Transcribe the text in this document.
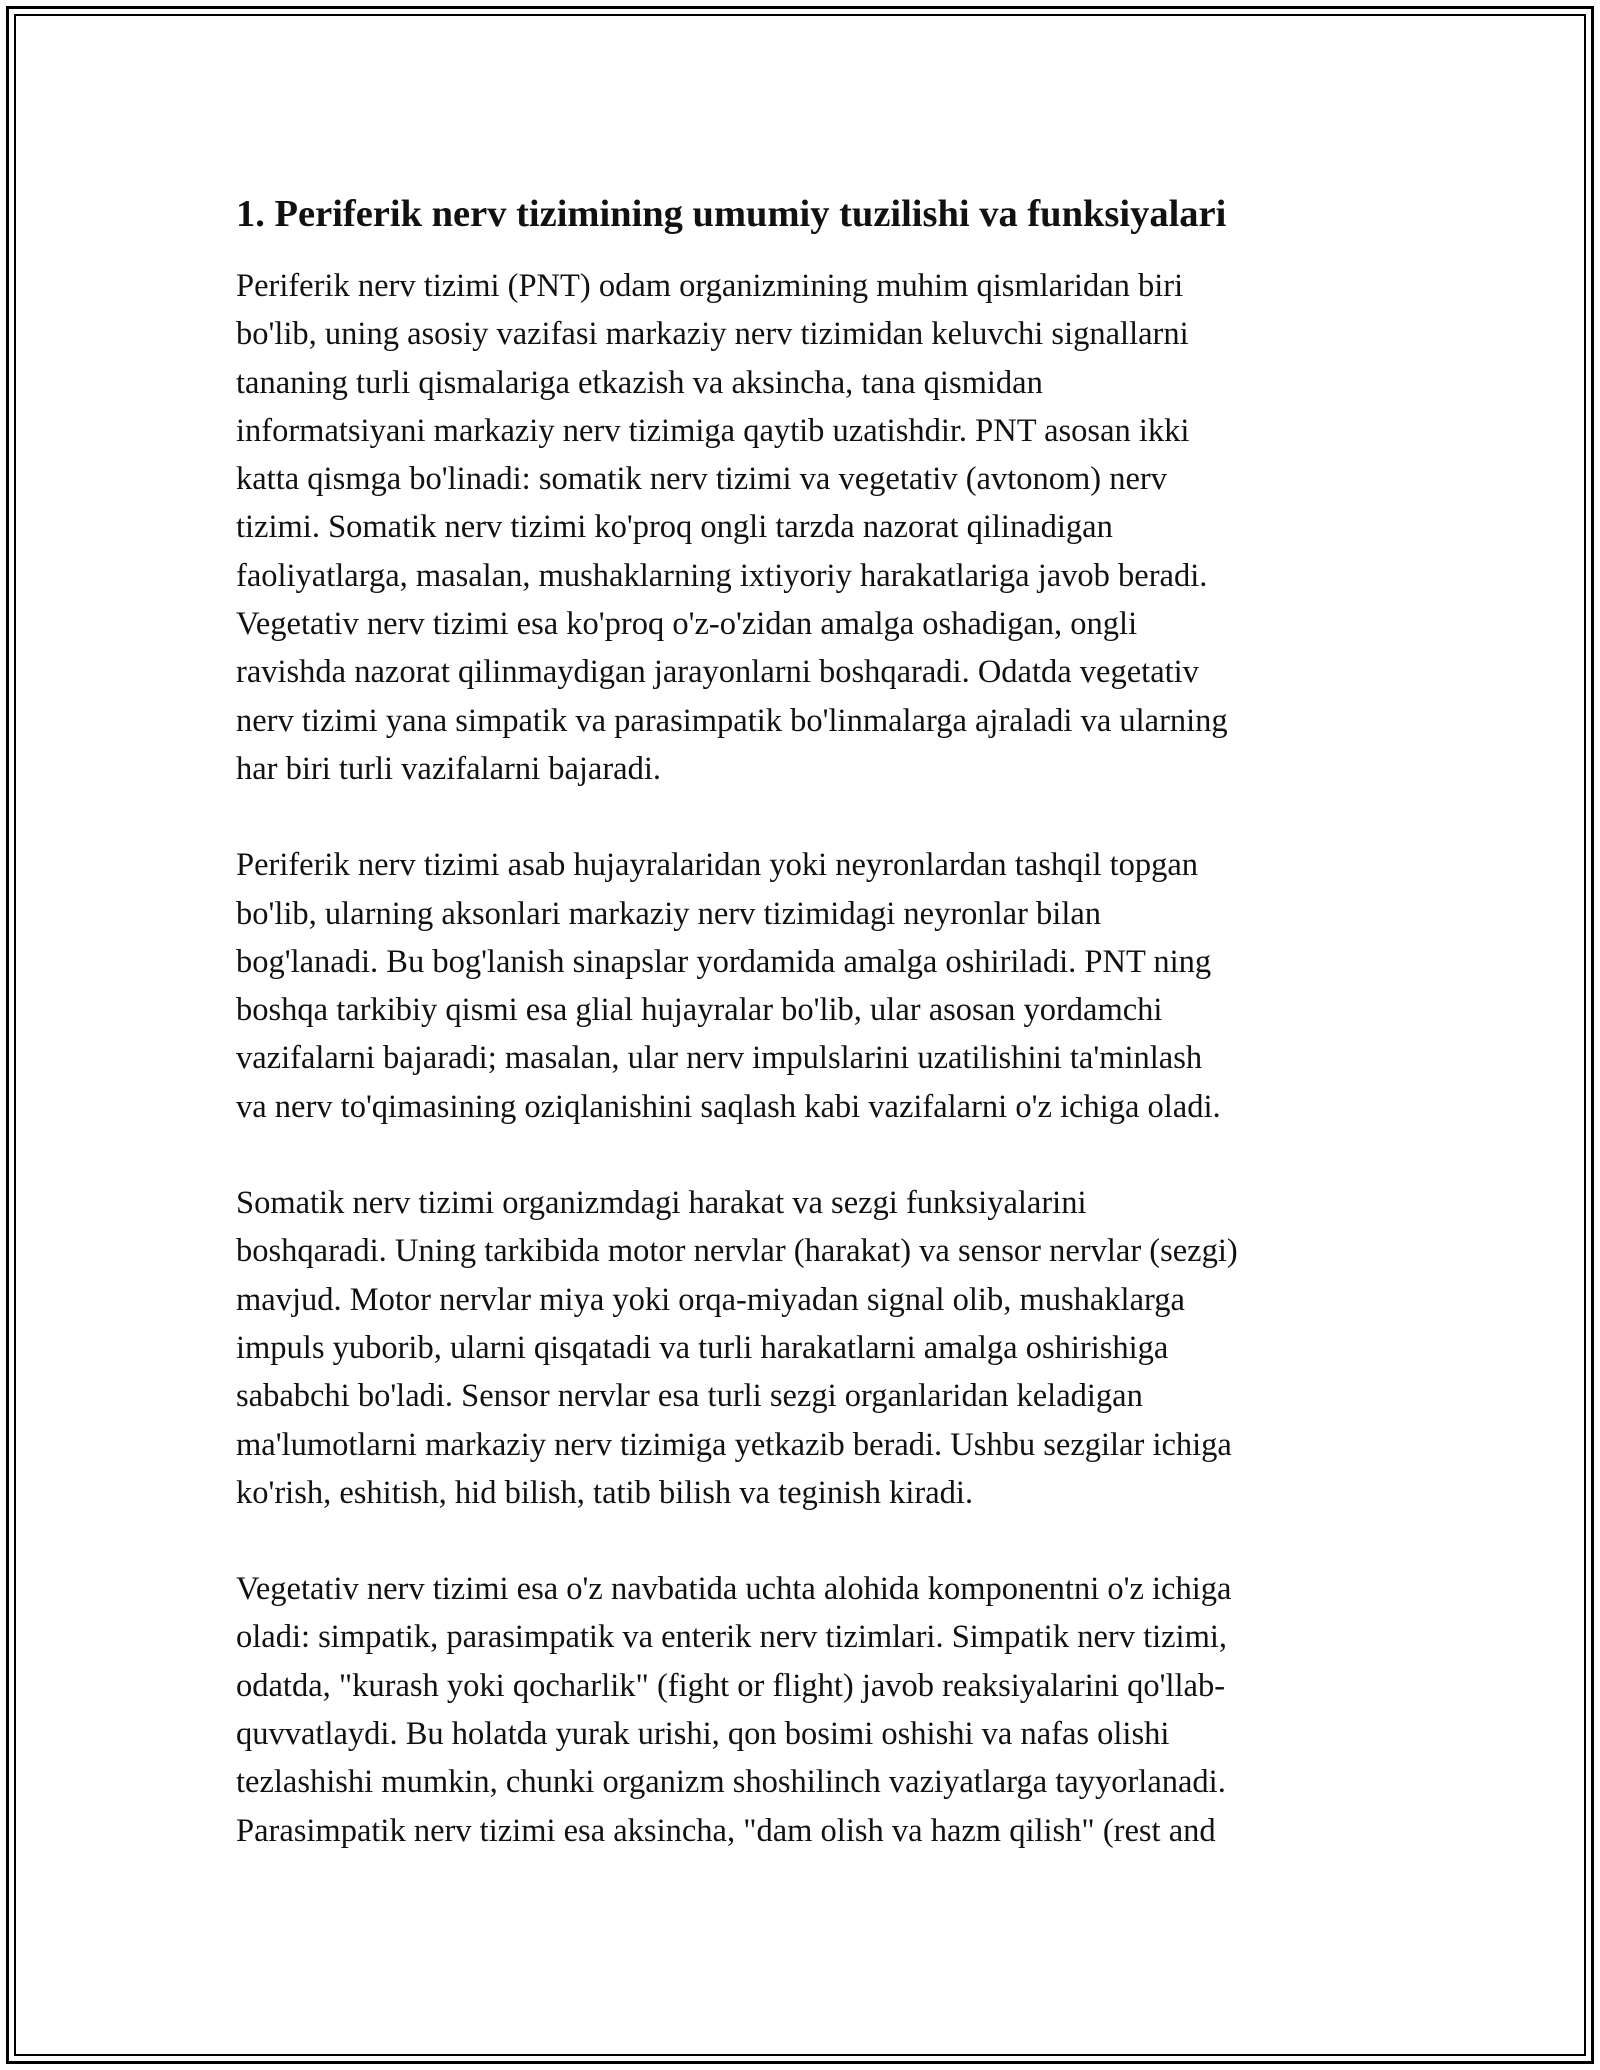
1. Periferik nerv tizimining umumiy tuzilishi va funksiyalari

Periferik nerv tizimi (PNT) odam organizmining muhim qismlaridan biri
bo'lib, uning asosiy vazifasi markaziy nerv tizimidan keluvchi signallarni
tananing turli qismalariga etkazish va aksincha, tana qismidan
informatsiyani markaziy nerv tizimiga qaytib uzatishdir. PNT asosan ikki
katta qismga bo'linadi: somatik nerv tizimi va vegetativ (avtonom) nerv
tizimi. Somatik nerv tizimi ko'proq ongli tarzda nazorat qilinadigan
faoliyatlarga, masalan, mushaklarning ixtiyoriy harakatlariga javob beradi.
Vegetativ nerv tizimi esa ko'proq o'z-o'zidan amalga oshadigan, ongli
ravishda nazorat qilinmaydigan jarayonlarni boshqaradi. Odatda vegetativ
nerv tizimi yana simpatik va parasimpatik bo'linmalarga ajraladi va ularning
har biri turli vazifalarni bajaradi.

Periferik nerv tizimi asab hujayralaridan yoki neyronlardan tashqil topgan
bo'lib, ularning aksonlari markaziy nerv tizimidagi neyronlar bilan
bog'lanadi. Bu bog'lanish sinapslar yordamida amalga oshiriladi. PNT ning
boshqa tarkibiy qismi esa glial hujayralar bo'lib, ular asosan yordamchi
vazifalarni bajaradi; masalan, ular nerv impulslarini uzatilishini ta'minlash
va nerv to'qimasining oziqlanishini saqlash kabi vazifalarni o'z ichiga oladi.

Somatik nerv tizimi organizmdagi harakat va sezgi funksiyalarini
boshqaradi. Uning tarkibida motor nervlar (harakat) va sensor nervlar (sezgi)
mavjud. Motor nervlar miya yoki orqa-miyadan signal olib, mushaklarga
impuls yuborib, ularni qisqatadi va turli harakatlarni amalga oshirishiga
sababchi bo'ladi. Sensor nervlar esa turli sezgi organlaridan keladigan
ma'lumotlarni markaziy nerv tizimiga yetkazib beradi. Ushbu sezgilar ichiga
ko'rish, eshitish, hid bilish, tatib bilish va teginish kiradi.

Vegetativ nerv tizimi esa o'z navbatida uchta alohida komponentni o'z ichiga
oladi: simpatik, parasimpatik va enterik nerv tizimlari. Simpatik nerv tizimi,
odatda, "kurash yoki qocharlik" (fight or flight) javob reaksiyalarini qo'llab-
quvvatlaydi. Bu holatda yurak urishi, qon bosimi oshishi va nafas olishi
tezlashishi mumkin, chunki organizm shoshilinch vaziyatlarga tayyorlanadi.
Parasimpatik nerv tizimi esa aksincha, "dam olish va hazm qilish" (rest and
